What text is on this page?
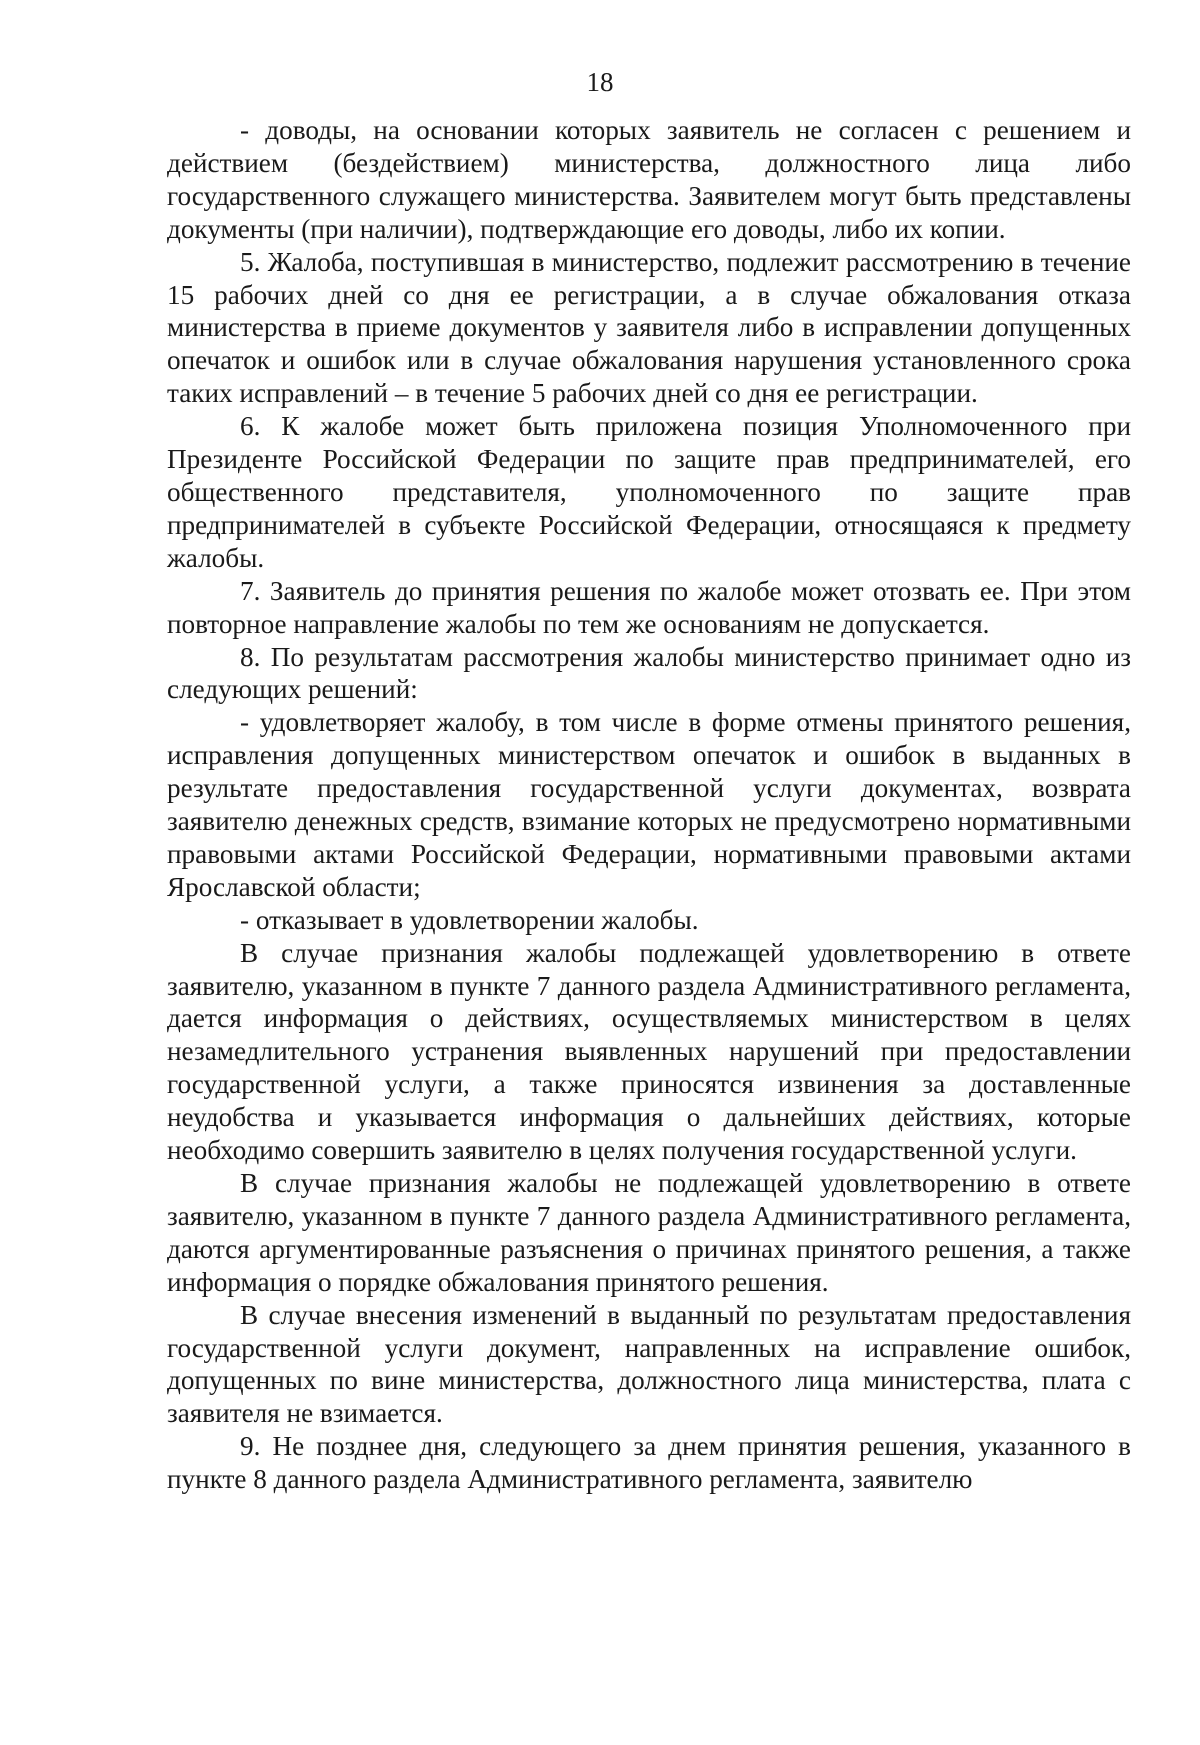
18

- доводы, на основании которых заявитель не согласен с решением и действием (бездействием) министерства, должностного лица либо государственного служащего министерства. Заявителем могут быть представлены документы (при наличии), подтверждающие его доводы, либо их копии.

5. Жалоба, поступившая в министерство, подлежит рассмотрению в течение 15 рабочих дней со дня ее регистрации, а в случае обжалования отказа министерства в приеме документов у заявителя либо в исправлении допущенных опечаток и ошибок или в случае обжалования нарушения установленного срока таких исправлений – в течение 5 рабочих дней со дня ее регистрации.

6. К жалобе может быть приложена позиция Уполномоченного при Президенте Российской Федерации по защите прав предпринимателей, его общественного представителя, уполномоченного по защите прав предпринимателей в субъекте Российской Федерации, относящаяся к предмету жалобы.

7. Заявитель до принятия решения по жалобе может отозвать ее. При этом повторное направление жалобы по тем же основаниям не допускается.

8. По результатам рассмотрения жалобы министерство принимает одно из следующих решений:

- удовлетворяет жалобу, в том числе в форме отмены принятого решения, исправления допущенных министерством опечаток и ошибок в выданных в результате предоставления государственной услуги документах, возврата заявителю денежных средств, взимание которых не предусмотрено нормативными правовыми актами Российской Федерации, нормативными правовыми актами Ярославской области;

- отказывает в удовлетворении жалобы.

В случае признания жалобы подлежащей удовлетворению в ответе заявителю, указанном в пункте 7 данного раздела Административного регламента, дается информация о действиях, осуществляемых министерством в целях незамедлительного устранения выявленных нарушений при предоставлении государственной услуги, а также приносятся извинения за доставленные неудобства и указывается информация о дальнейших действиях, которые необходимо совершить заявителю в целях получения государственной услуги.

В случае признания жалобы не подлежащей удовлетворению в ответе заявителю, указанном в пункте 7 данного раздела Административного регламента, даются аргументированные разъяснения о причинах принятого решения, а также информация о порядке обжалования принятого решения.

В случае внесения изменений в выданный по результатам предоставления государственной услуги документ, направленных на исправление ошибок, допущенных по вине министерства, должностного лица министерства, плата с заявителя не взимается.

9. Не позднее дня, следующего за днем принятия решения, указанного в пункте 8 данного раздела Административного регламента, заявителю
